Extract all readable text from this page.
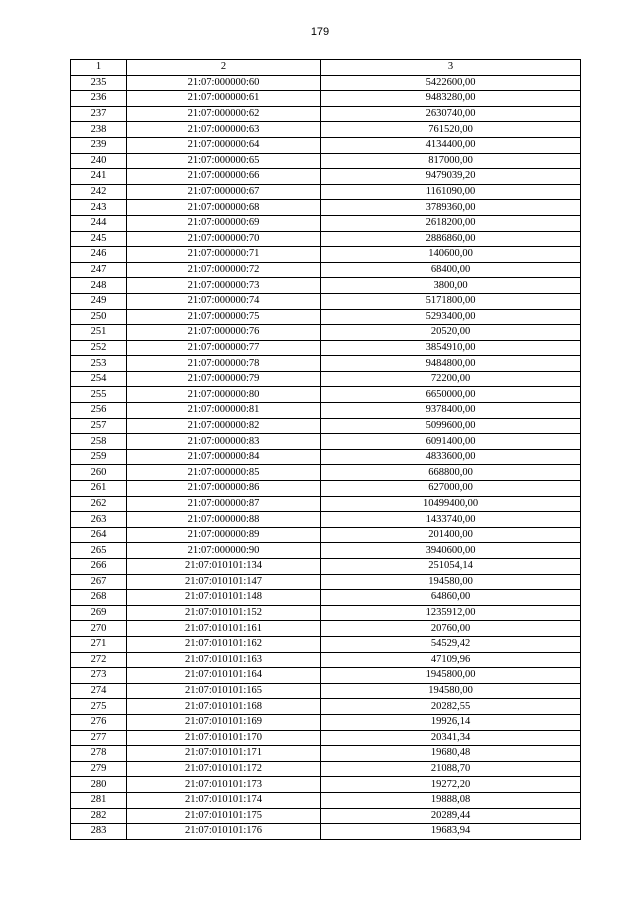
179
1	2	3
235	21:07:000000:60	5422600,00
236	21:07:000000:61	9483280,00
237	21:07:000000:62	2630740,00
238	21:07:000000:63	761520,00
239	21:07:000000:64	4134400,00
240	21:07:000000:65	817000,00
241	21:07:000000:66	9479039,20
242	21:07:000000:67	1161090,00
243	21:07:000000:68	3789360,00
244	21:07:000000:69	2618200,00
245	21:07:000000:70	2886860,00
246	21:07:000000:71	140600,00
247	21:07:000000:72	68400,00
248	21:07:000000:73	3800,00
249	21:07:000000:74	5171800,00
250	21:07:000000:75	5293400,00
251	21:07:000000:76	20520,00
252	21:07:000000:77	3854910,00
253	21:07:000000:78	9484800,00
254	21:07:000000:79	72200,00
255	21:07:000000:80	6650000,00
256	21:07:000000:81	9378400,00
257	21:07:000000:82	5099600,00
258	21:07:000000:83	6091400,00
259	21:07:000000:84	4833600,00
260	21:07:000000:85	668800,00
261	21:07:000000:86	627000,00
262	21:07:000000:87	10499400,00
263	21:07:000000:88	1433740,00
264	21:07:000000:89	201400,00
265	21:07:000000:90	3940600,00
266	21:07:010101:134	251054,14
267	21:07:010101:147	194580,00
268	21:07:010101:148	64860,00
269	21:07:010101:152	1235912,00
270	21:07:010101:161	20760,00
271	21:07:010101:162	54529,42
272	21:07:010101:163	47109,96
273	21:07:010101:164	1945800,00
274	21:07:010101:165	194580,00
275	21:07:010101:168	20282,55
276	21:07:010101:169	19926,14
277	21:07:010101:170	20341,34
278	21:07:010101:171	19680,48
279	21:07:010101:172	21088,70
280	21:07:010101:173	19272,20
281	21:07:010101:174	19888,08
282	21:07:010101:175	20289,44
283	21:07:010101:176	19683,94
